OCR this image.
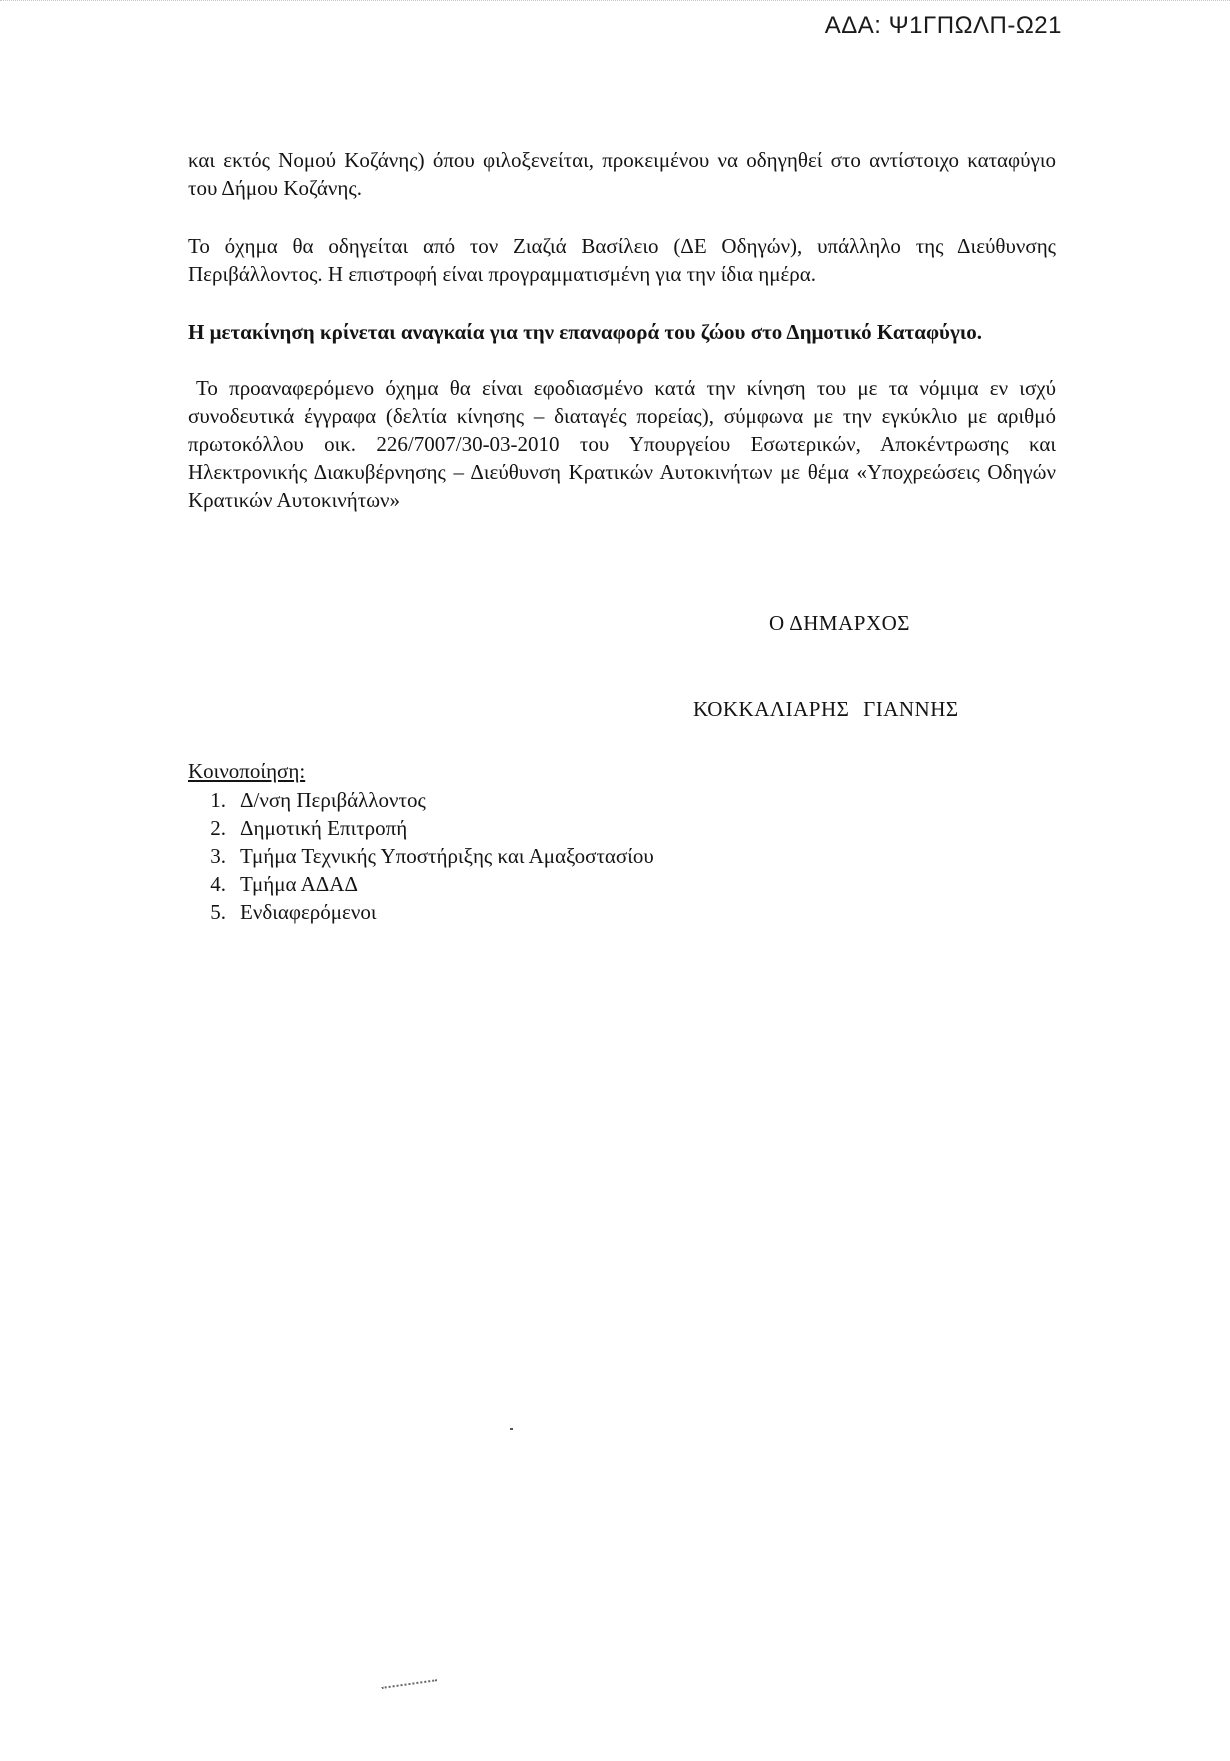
ΑΔΑ: Ψ1ΓΠΩΛΠ-Ω21
και εκτός Νομού Κοζάνης) όπου φιλοξενείται, προκειμένου να οδηγηθεί στο αντίστοιχο καταφύγιο του Δήμου Κοζάνης.
Το όχημα θα οδηγείται από τον Ζιαζιά Βασίλειο (ΔΕ Οδηγών), υπάλληλο της Διεύθυνσης Περιβάλλοντος. Η επιστροφή είναι προγραμματισμένη για την ίδια ημέρα.
Η μετακίνηση κρίνεται αναγκαία για την επαναφορά του ζώου στο Δημοτικό Καταφύγιο.
Το προαναφερόμενο όχημα θα είναι εφοδιασμένο κατά την κίνηση του με τα νόμιμα εν ισχύ συνοδευτικά έγγραφα (δελτία κίνησης – διαταγές πορείας), σύμφωνα με την εγκύκλιο με αριθμό πρωτοκόλλου οικ. 226/7007/30-03-2010 του Υπουργείου Εσωτερικών, Αποκέντρωσης και Ηλεκτρονικής Διακυβέρνησης – Διεύθυνση Κρατικών Αυτοκινήτων με θέμα «Υποχρεώσεις Οδηγών Κρατικών Αυτοκινήτων»
Ο ΔΗΜΑΡΧΟΣ
ΚΟΚΚΑΛΙΑΡΗΣ ΓΙΑΝΝΗΣ
Κοινοποίηση:
1. Δ/νση Περιβάλλοντος
2. Δημοτική Επιτροπή
3. Τμήμα Τεχνικής Υποστήριξης και Αμαξοστασίου
4. Τμήμα ΑΔΑΔ
5. Ενδιαφερόμενοι
